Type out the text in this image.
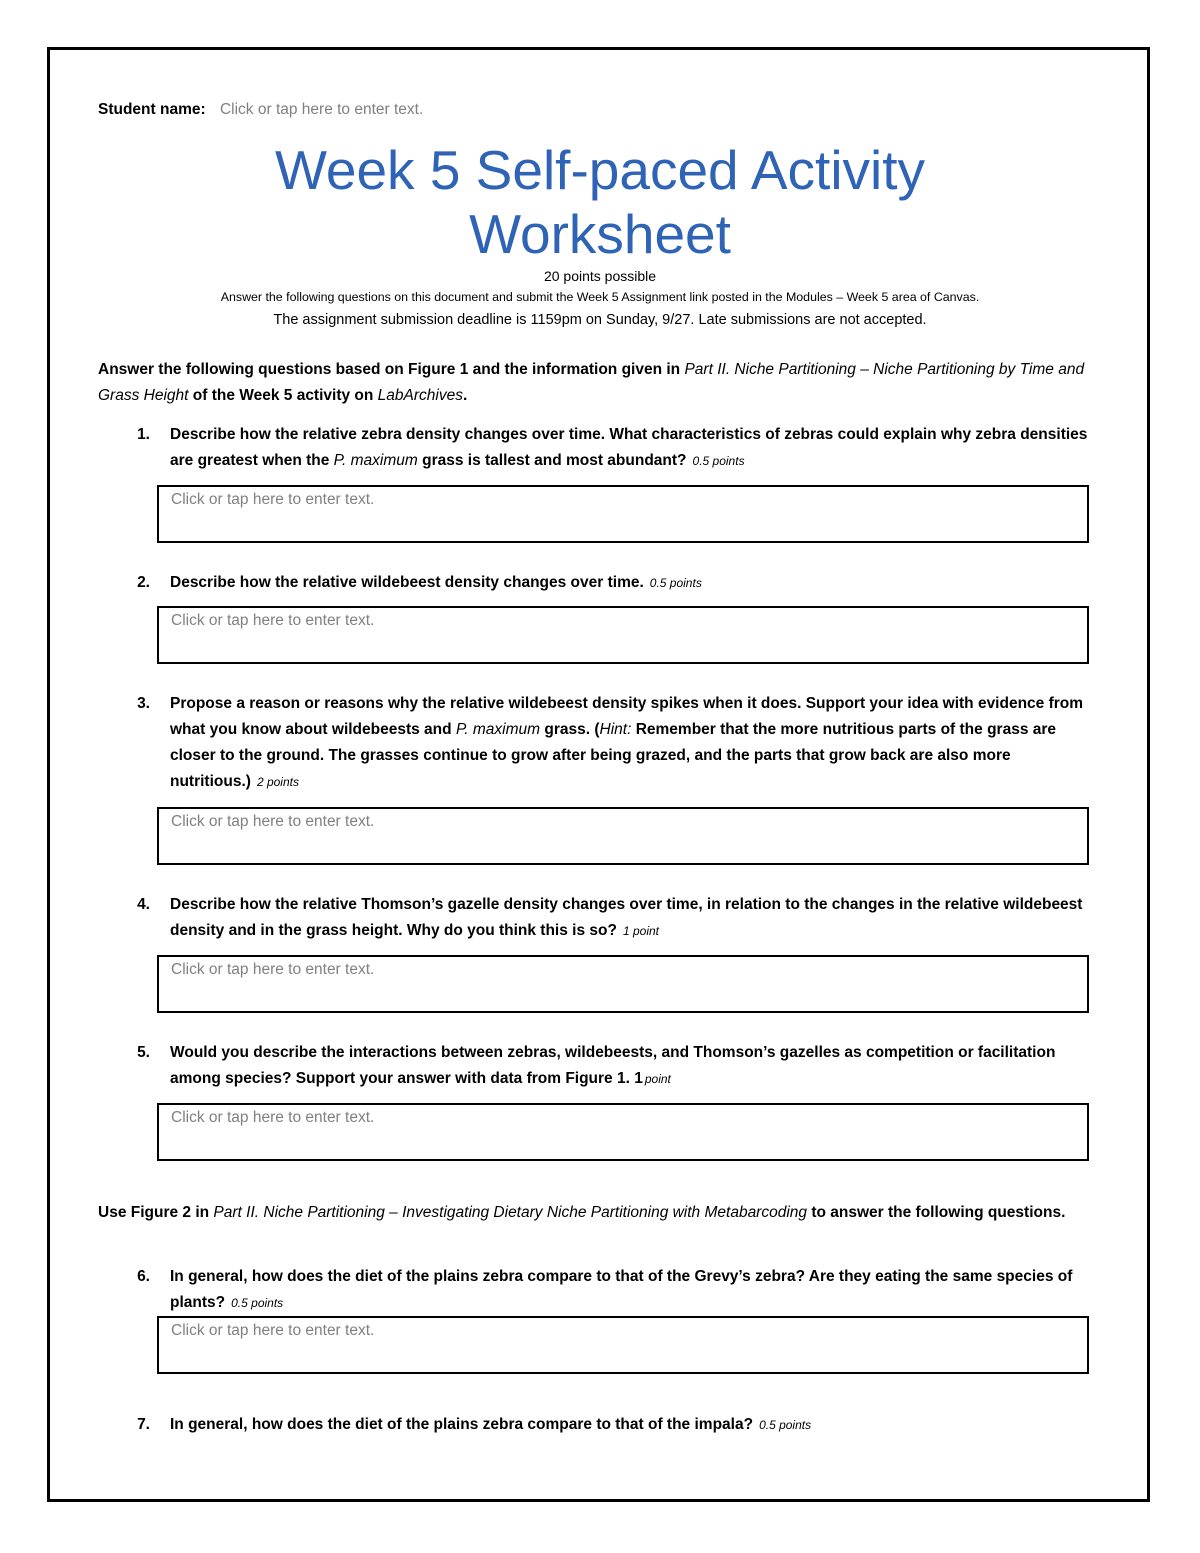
Student name: Click or tap here to enter text.
Week 5 Self-paced Activity
Worksheet
20 points possible
Answer the following questions on this document and submit the Week 5 Assignment link posted in the Modules – Week 5 area of Canvas.
The assignment submission deadline is 1159pm on Sunday, 9/27. Late submissions are not accepted.
Answer the following questions based on Figure 1 and the information given in Part II. Niche Partitioning – Niche Partitioning by Time and Grass Height of the Week 5 activity on LabArchives.
1. Describe how the relative zebra density changes over time. What characteristics of zebras could explain why zebra densities are greatest when the P. maximum grass is tallest and most abundant? 0.5 points
Click or tap here to enter text.
2. Describe how the relative wildebeest density changes over time. 0.5 points
Click or tap here to enter text.
3. Propose a reason or reasons why the relative wildebeest density spikes when it does. Support your idea with evidence from what you know about wildebeests and P. maximum grass. (Hint: Remember that the more nutritious parts of the grass are closer to the ground. The grasses continue to grow after being grazed, and the parts that grow back are also more nutritious.) 2 points
Click or tap here to enter text.
4. Describe how the relative Thomson’s gazelle density changes over time, in relation to the changes in the relative wildebeest density and in the grass height. Why do you think this is so? 1 point
Click or tap here to enter text.
5. Would you describe the interactions between zebras, wildebeests, and Thomson’s gazelles as competition or facilitation among species? Support your answer with data from Figure 1. 1 point
Click or tap here to enter text.
Use Figure 2 in Part II. Niche Partitioning – Investigating Dietary Niche Partitioning with Metabarcoding to answer the following questions.
6. In general, how does the diet of the plains zebra compare to that of the Grevy’s zebra? Are they eating the same species of plants? 0.5 points
Click or tap here to enter text.
7. In general, how does the diet of the plains zebra compare to that of the impala? 0.5 points
